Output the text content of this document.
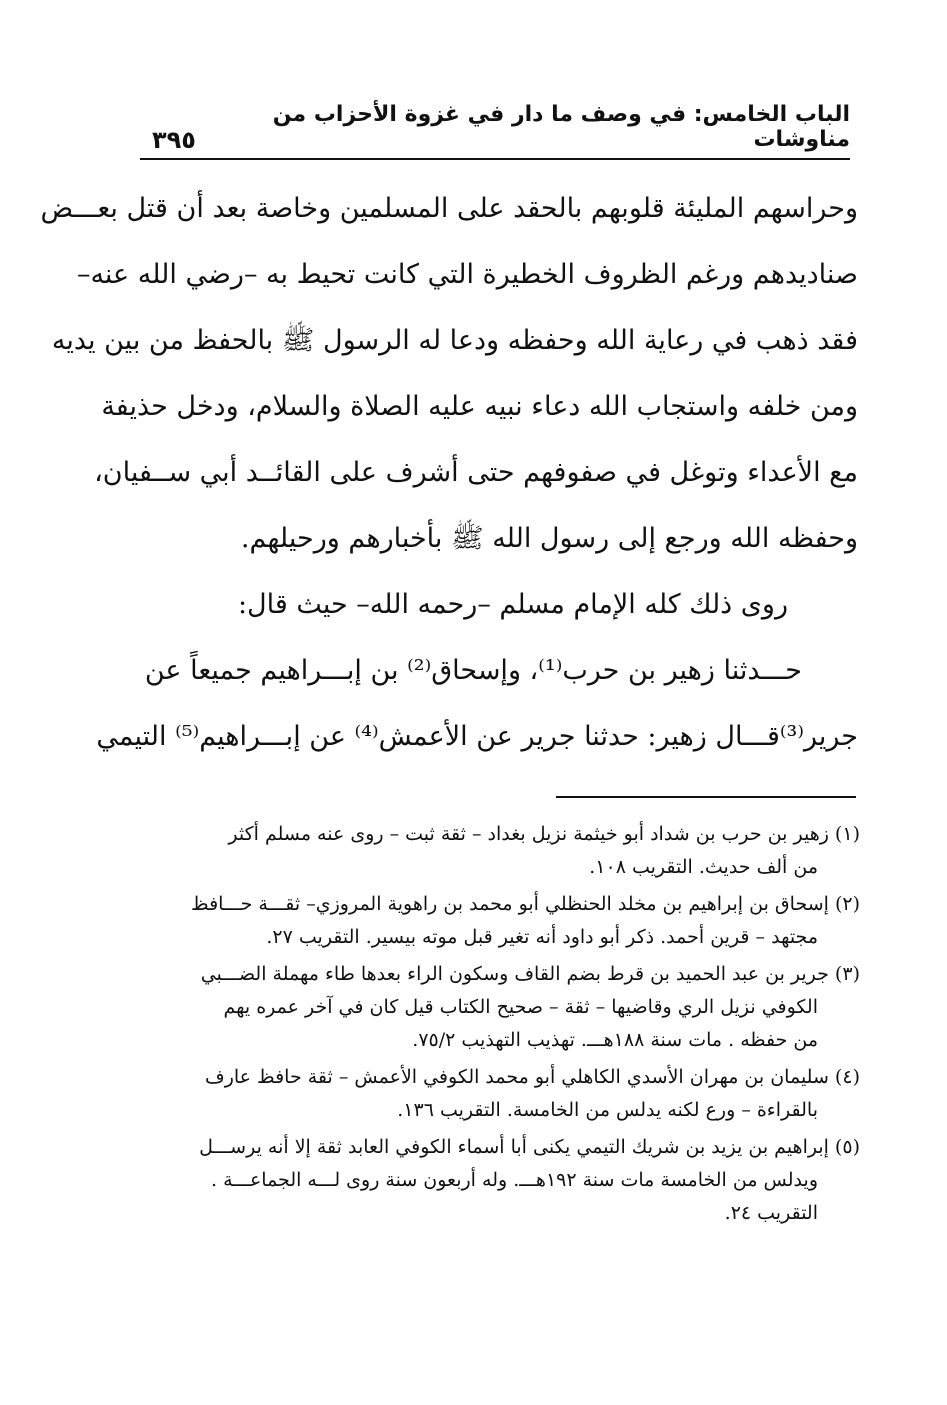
الباب الخامس: في وصف ما دار في غزوة الأحزاب من مناوشات
٣٩٥
وحراسهم المليئة قلوبهم بالحقد على المسلمين وخاصة بعد أن قتل بعـــض
صناديدهم ورغم الظروف الخطيرة التي كانت تحيط به –رضي الله عنه–
فقد ذهب في رعاية الله وحفظه ودعا له الرسول ﷺ بالحفظ من بين يديه
ومن خلفه واستجاب الله دعاء نبيه عليه الصلاة والسلام، ودخل حذيفة
مع الأعداء وتوغل في صفوفهم حتى أشرف على القائــد أبي ســفيان،
وحفظه الله ورجع إلى رسول الله ﷺ بأخبارهم ورحيلهم.
روى ذلك كله الإمام مسلم –رحمه الله– حيث قال:
حـــدثنا زهير بن حرب⁽¹⁾، وإسحاق⁽²⁾ بن إبـــراهيم جميعاً عن
جرير⁽³⁾قـــال زهير: حدثنا جرير عن الأعمش⁽⁴⁾ عن إبـــراهيم⁽⁵⁾ التيمي
(١) زهير بن حرب بن شداد أبو خيثمة نزيل بغداد – ثقة ثبت – روى عنه مسلم أكثر
من ألف حديث. التقريب ١٠٨.
(٢) إسحاق بن إبراهيم بن مخلد الحنظلي أبو محمد بن راهوية المروزي– ثقـــة حـــافظ
مجتهد – قرين أحمد. ذكر أبو داود أنه تغير قبل موته بيسير. التقريب ٢٧.
(٣) جرير بن عبد الحميد بن قرط بضم القاف وسكون الراء بعدها طاء مهملة الضـــبي
الكوفي نزيل الري وقاضيها – ثقة – صحيح الكتاب قيل كان في آخر عمره يهم
من حفظه . مات سنة ١٨٨هـــ. تهذيب التهذيب ٧٥/٢.
(٤) سليمان بن مهران الأسدي الكاهلي أبو محمد الكوفي الأعمش – ثقة حافظ عارف
بالقراءة – ورع لكنه يدلس من الخامسة. التقريب ١٣٦.
(٥) إبراهيم بن يزيد بن شريك التيمي يكنى أبا أسماء الكوفي العابد ثقة إلا أنه يرســـل
ويدلس من الخامسة مات سنة ١٩٢هـــ. وله أربعون سنة روى لـــه الجماعـــة .
التقريب ٢٤.
